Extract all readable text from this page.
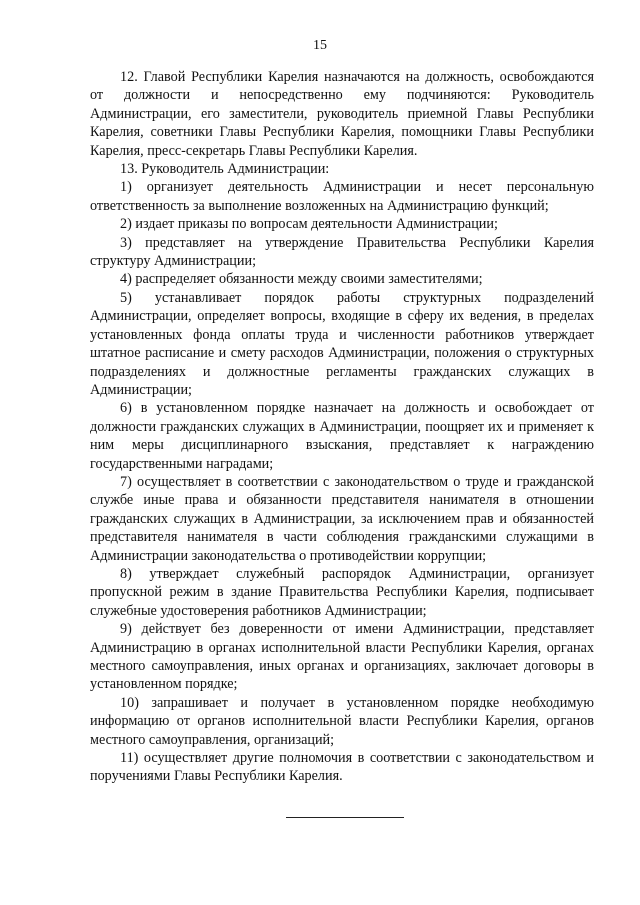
15

12. Главой Республики Карелия назначаются на должность, освобождаются от должности и непосредственно ему подчиняются: Руководитель Администрации, его заместители, руководитель приемной Главы Республики Карелия, советники Главы Республики Карелия, помощники Главы Республики Карелия, пресс-секретарь Главы Республики Карелия.

13. Руководитель Администрации:

1) организует деятельность Администрации и несет персональную ответственность за выполнение возложенных на Администрацию функций;

2) издает приказы по вопросам деятельности Администрации;

3) представляет на утверждение Правительства Республики Карелия структуру Администрации;

4) распределяет обязанности между своими заместителями;

5) устанавливает порядок работы структурных подразделений Администрации, определяет вопросы, входящие в сферу их ведения, в пределах установленных фонда оплаты труда и численности работников утверждает штатное расписание и смету расходов Администрации, положения о структурных подразделениях и должностные регламенты гражданских служащих в Администрации;

6) в установленном порядке назначает на должность и освобождает от должности гражданских служащих в Администрации, поощряет их и применяет к ним меры дисциплинарного взыскания, представляет к награждению государственными наградами;

7) осуществляет в соответствии с законодательством о труде и гражданской службе иные права и обязанности представителя нанимателя в отношении гражданских служащих в Администрации, за исключением прав и обязанностей представителя нанимателя в части соблюдения гражданскими служащими в Администрации законодательства о противодействии коррупции;

8) утверждает служебный распорядок Администрации, организует пропускной режим в здание Правительства Республики Карелия, подписывает служебные удостоверения работников Администрации;

9) действует без доверенности от имени Администрации, представляет Администрацию в органах исполнительной власти Республики Карелия, органах местного самоуправления, иных органах и организациях, заключает договоры в установленном порядке;

10) запрашивает и получает в установленном порядке необходимую информацию от органов исполнительной власти Республики Карелия, органов местного самоуправления, организаций;

11) осуществляет другие полномочия в соответствии с законодательством и поручениями Главы Республики Карелия.
